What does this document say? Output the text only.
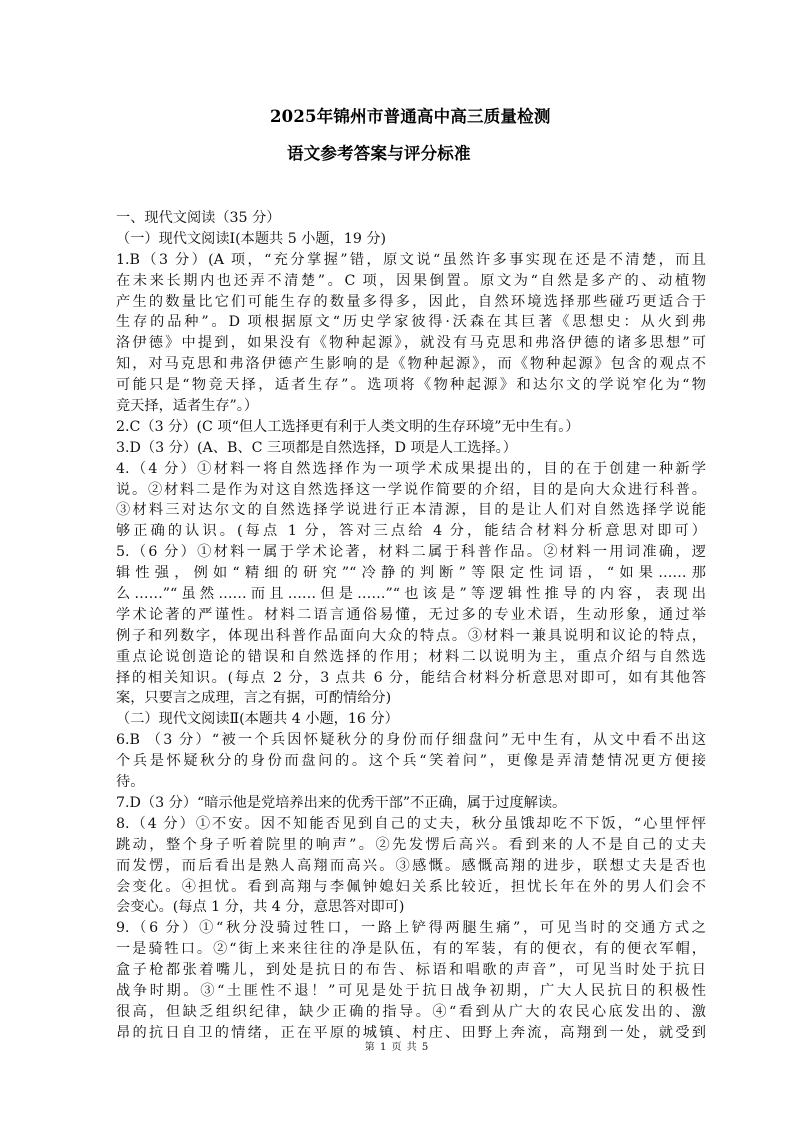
2025年锦州市普通高中高三质量检测
语文参考答案与评分标准
一、现代文阅读（35 分）
（一）现代文阅读Ⅰ(本题共 5 小题，19 分)
1.B（3 分）(A 项，“充分掌握”错，原文说“虽然许多事实现在还是不清楚，而且
在未来长期内也还弄不清楚”。C 项，因果倒置。原文为“自然是多产的、动植物
产生的数量比它们可能生存的数量多得多，因此，自然环境选择那些碰巧更适合于
生存的品种”。D 项根据原文“历史学家彼得·沃森在其巨著《思想史：从火到弗
洛伊德》中提到，如果没有《物种起源》，就没有马克思和弗洛伊德的诸多思想”可
知，对马克思和弗洛伊德产生影响的是《物种起源》，而《物种起源》包含的观点不
可能只是“物竞天择，适者生存”。选项将《物种起源》和达尔文的学说窄化为“物
竞天择，适者生存”。）
2.C（3 分）(C 项“但人工选择更有利于人类文明的生存环境”无中生有。）
3.D（3 分）(A、B、C 三项都是自然选择，D 项是人工选择。）
4.（4 分）①材料一将自然选择作为一项学术成果提出的，目的在于创建一种新学
说。②材料二是作为对这自然选择这一学说作简要的介绍，目的是向大众进行科普。
③材料三对达尔文的自然选择学说进行正本清源，目的是让人们对自然选择学说能
够正确的认识。(每点 1 分，答对三点给 4 分，能结合材料分析意思对即可）
5.（6 分）①材料一属于学术论著，材料二属于科普作品。②材料一用词准确，逻
辑性强，例如“精细的研究”“冷静的判断”等限定性词语，“如果……那
么……”“虽然……而且……但是……”“也该是”等逻辑性推导的内容，表现出
学术论著的严谨性。材料二语言通俗易懂，无过多的专业术语，生动形象，通过举
例子和列数字，体现出科普作品面向大众的特点。③材料一兼具说明和议论的特点，
重点论说创造论的错误和自然选择的作用；材料二以说明为主，重点介绍与自然选
择的相关知识。(每点 2 分，3 点共 6 分，能结合材料分析意思对即可，如有其他答
案，只要言之成理，言之有据，可酌情给分)
（二）现代文阅读Ⅱ(本题共 4 小题，16 分）
6.B （3 分）“被一个兵因怀疑秋分的身份而仔细盘问”无中生有，从文中看不出这
个兵是怀疑秋分的身份而盘问的。这个兵“笑着问”，更像是弄清楚情况更方便接
待。
7.D（3 分）“暗示他是党培养出来的优秀干部”不正确，属于过度解读。
8.（4 分）①不安。因不知能否见到自己的丈夫，秋分虽饿却吃不下饭，“心里怦怦
跳动，整个身子听着院里的响声”。②先发愣后高兴。看到来的人不是自己的丈夫
而发愣，而后看出是熟人高翔而高兴。③感慨。感慨高翔的进步，联想丈夫是否也
会变化。④担忧。看到高翔与李佩钟媳妇关系比较近，担忧长年在外的男人们会不
会变心。(每点 1 分，共 4 分，意思答对即可)
9.（6 分）①“秋分没骑过牲口，一路上铲得两腿生痛”，可见当时的交通方式之
一是骑牲口。②“街上来来往往的净是队伍，有的军装，有的便衣，有的便衣军帽，
盒子枪都张着嘴儿，到处是抗日的布告、标语和唱歌的声音”，可见当时处于抗日
战争时期。③“土匪性不退！”可见是处于抗日战争初期，广大人民抗日的积极性
很高，但缺乏组织纪律，缺少正确的指导。④“看到从广大的农民心底发出的、激
昂的抗日自卫的情绪，正在平原的城镇、村庄、田野上奔流，高翔到一处，就受到
第 1 页 共 5
